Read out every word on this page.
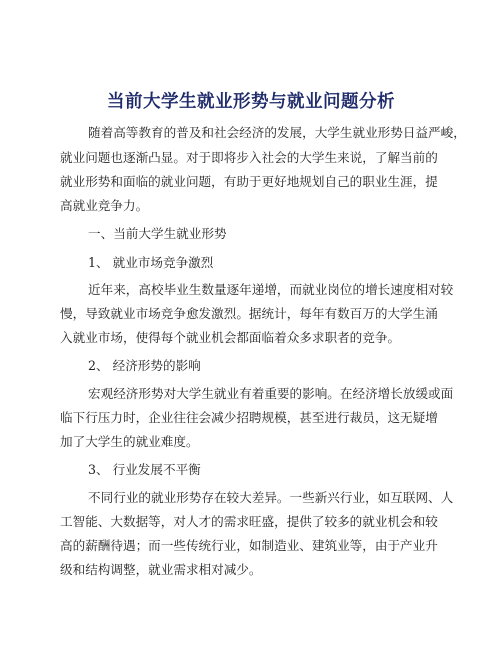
当前大学生就业形势与就业问题分析
随着高等教育的普及和社会经济的发展，大学生就业形势日益严峻，
就业问题也逐渐凸显。对于即将步入社会的大学生来说，了解当前的
就业形势和面临的就业问题，有助于更好地规划自己的职业生涯，提
高就业竞争力。
一、当前大学生就业形势
1、 就业市场竞争激烈
近年来，高校毕业生数量逐年递增，而就业岗位的增长速度相对较
慢，导致就业市场竞争愈发激烈。据统计，每年有数百万的大学生涌
入就业市场，使得每个就业机会都面临着众多求职者的竞争。
2、 经济形势的影响
宏观经济形势对大学生就业有着重要的影响。在经济增长放缓或面
临下行压力时，企业往往会减少招聘规模，甚至进行裁员，这无疑增
加了大学生的就业难度。
3、 行业发展不平衡
不同行业的就业形势存在较大差异。一些新兴行业，如互联网、人
工智能、大数据等，对人才的需求旺盛，提供了较多的就业机会和较
高的薪酬待遇；而一些传统行业，如制造业、建筑业等，由于产业升
级和结构调整，就业需求相对减少。
